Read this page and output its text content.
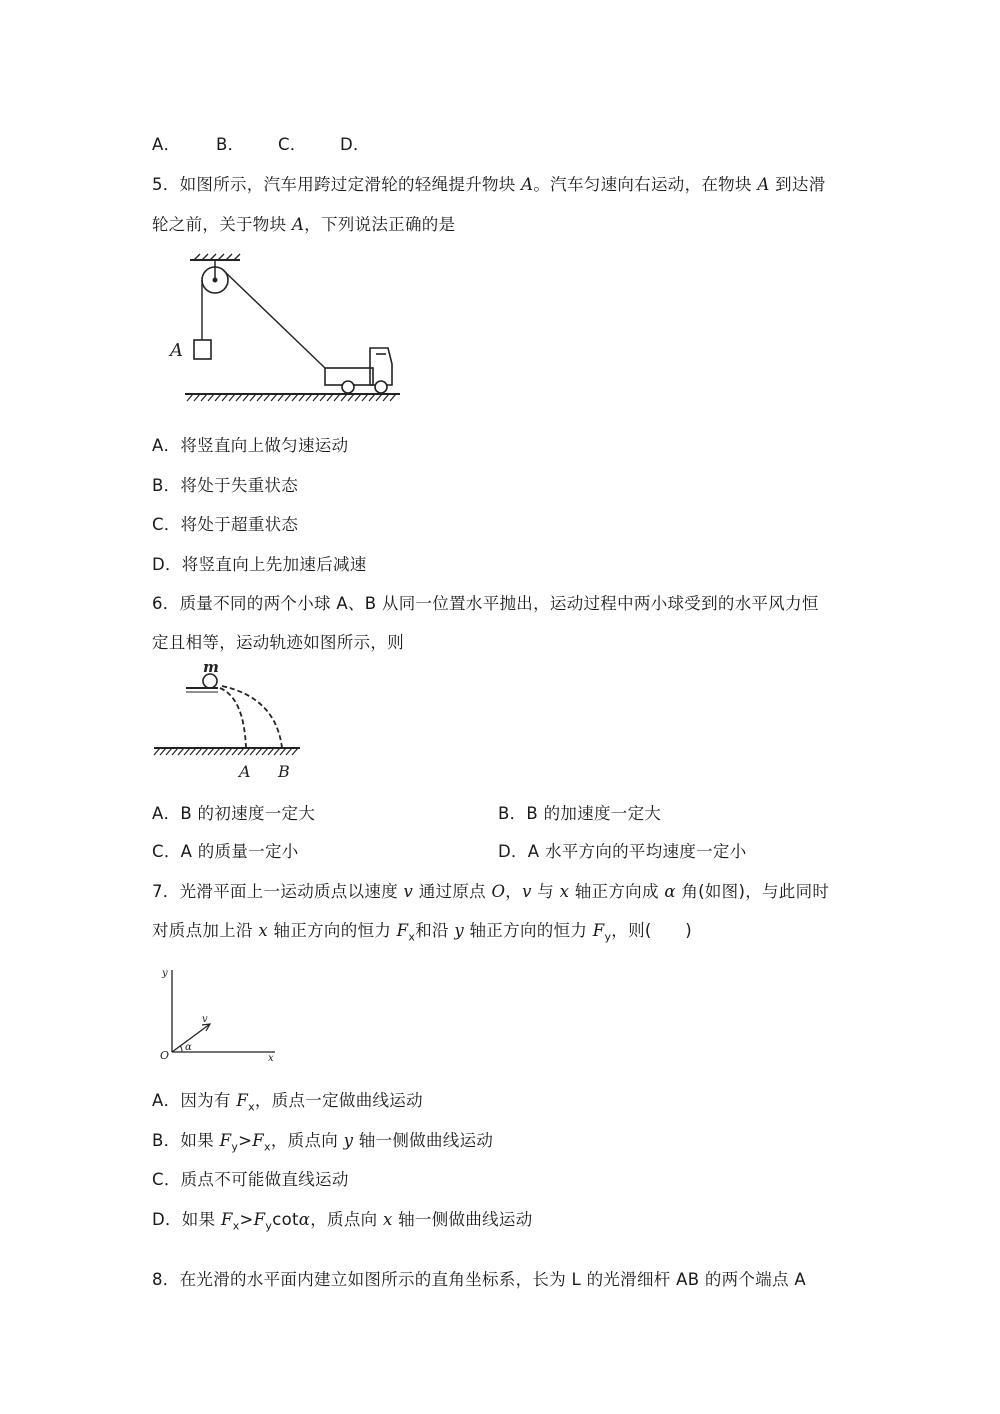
A． B． C． D．
5．如图所示，汽车用跨过定滑轮的轻绳提升物块 A。汽车匀速向右运动，在物块 A 到达滑
轮之前，关于物块 A，下列说法正确的是
A
A．将竖直向上做匀速运动
B．将处于失重状态
C．将处于超重状态
D．将竖直向上先加速后减速
6．质量不同的两个小球 A、B 从同一位置水平抛出，运动过程中两小球受到的水平风力恒
定且相等，运动轨迹如图所示，则
m
A B
A．B 的初速度一定大	B．B 的加速度一定大
C．A 的质量一定小	D．A 水平方向的平均速度一定小
7．光滑平面上一运动质点以速度 v 通过原点 O，v 与 x 轴正方向成 α 角(如图)，与此同时
对质点加上沿 x 轴正方向的恒力 $F_x$和沿 y 轴正方向的恒力 $F_y$，则(　　)
y
x
O
v
α
A．因为有 $F_x$，质点一定做曲线运动
B．如果 $F_y>F_x$，质点向 y 轴一侧做曲线运动
C．质点不可能做直线运动
D．如果 $F_x>F_y\cot\alpha$，质点向 x 轴一侧做曲线运动
8．在光滑的水平面内建立如图所示的直角坐标系，长为 L 的光滑细杆 AB 的两个端点 A
